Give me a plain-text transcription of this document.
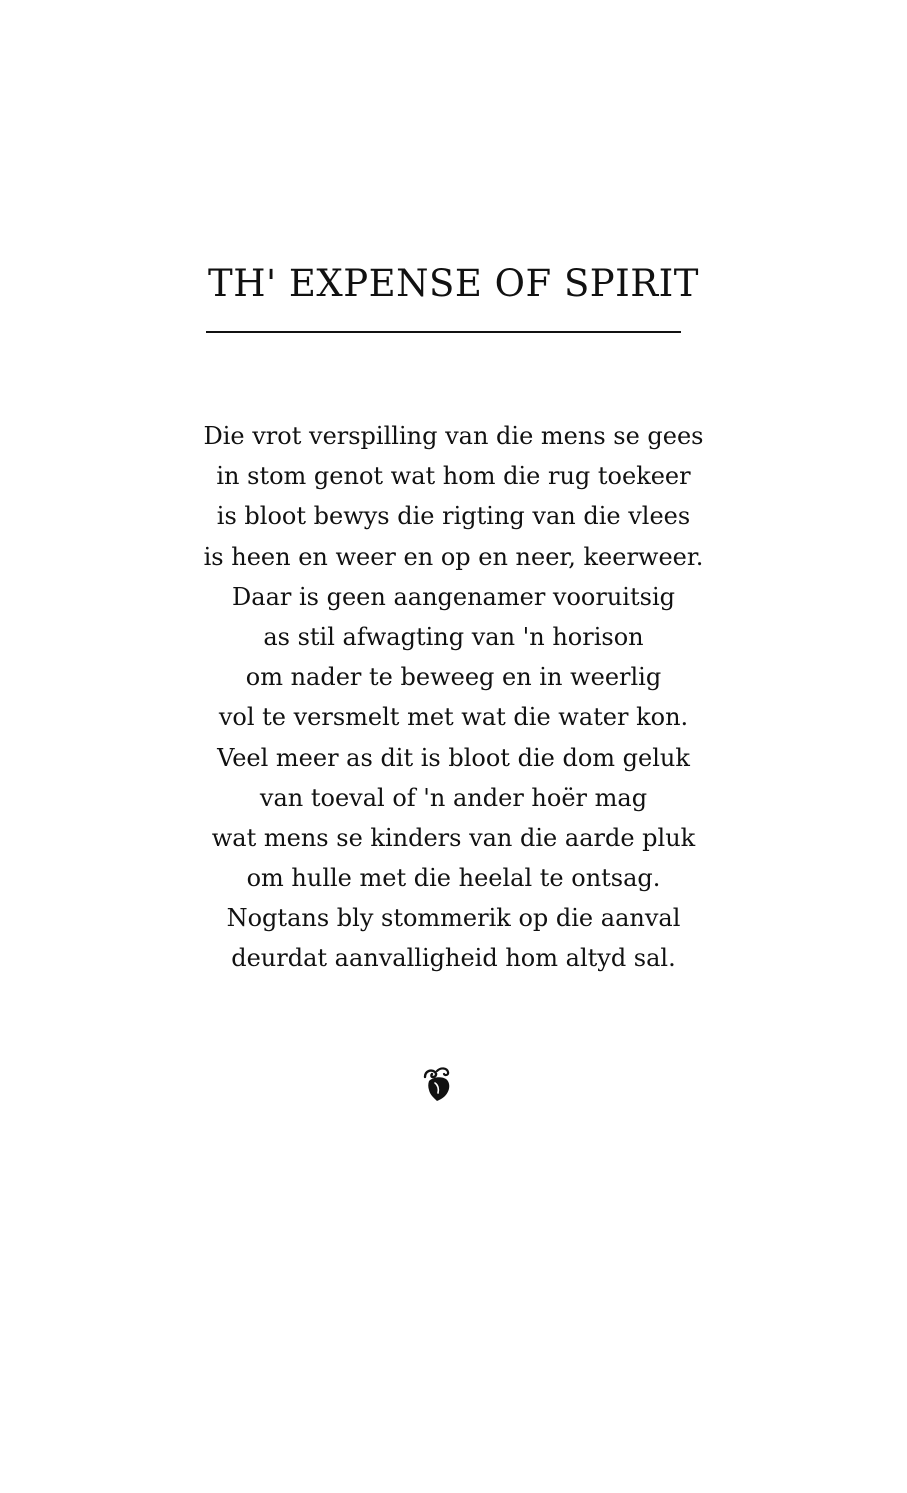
TH' EXPENSE OF SPIRIT
Die vrot verspilling van die mens se gees
in stom genot wat hom die rug toekeer
is bloot bewys die rigting van die vlees
is heen en weer en op en neer, keerweer.
Daar is geen aangenamer vooruitsig
as stil afwagting van 'n horison
om nader te beweeg en in weerlig
vol te versmelt met wat die water kon.
Veel meer as dit is bloot die dom geluk
van toeval of 'n ander hoër mag
wat mens se kinders van die aarde pluk
om hulle met die heelal te ontsag.
Nogtans bly stommerik op die aanval
deurdat aanvalligheid hom altyd sal.
